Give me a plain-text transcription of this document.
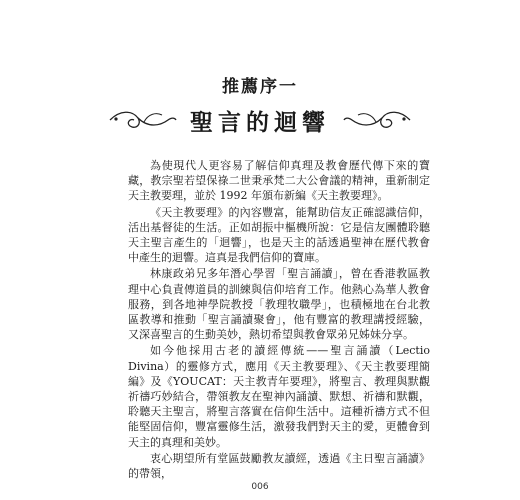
推薦序一
聖言的迴響

為使現代人更容易了解信仰真理及教會歷代傳下來的寶藏，教宗聖若望保祿二世秉承梵二大公會議的精神，重新制定天主教要理，並於 1992 年頒布新編《天主教要理》。

《天主教要理》的內容豐富，能幫助信友正確認識信仰，活出基督徒的生活。正如胡振中樞機所說：它是信友團體聆聽天主聖言產生的「迴響」，也是天主的話透過聖神在歷代教會中產生的迴響。這真是我們信仰的寶庫。

林康政弟兄多年潛心學習「聖言誦讀」，曾在香港教區教理中心負責傳道員的訓練與信仰培育工作。他熱心為華人教會服務，到各地神學院教授「教理牧職學」，也積極地在台北教區教導和推動「聖言誦讀聚會」，他有豐富的教理講授經驗，又深喜聖言的生動美妙，熱切希望與教會眾弟兄姊妹分享。

如今他採用古老的讀經傳統——聖言誦讀（Lectio Divina）的靈修方式，應用《天主教要理》、《天主教要理簡編》及《YOUCAT：天主教青年要理》，將聖言、教理與默觀祈禱巧妙結合，帶領教友在聖神內誦讀、默想、祈禱和默觀，聆聽天主聖言，將聖言落實在信仰生活中。這種祈禱方式不但能堅固信仰，豐富靈修生活，激發我們對天主的愛，更體會到天主的真理和美妙。

衷心期望所有堂區鼓勵教友讀經，透過《主日聖言誦讀》的帶領，

006
